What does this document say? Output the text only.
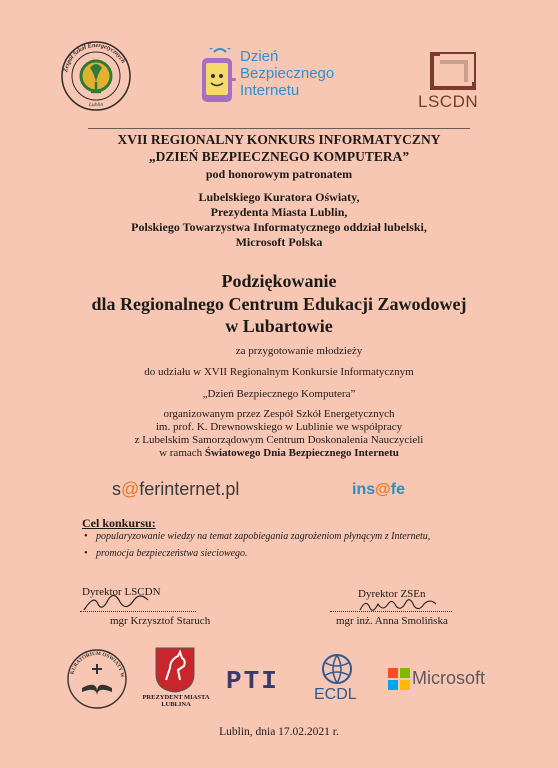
Zespół Szkół Energetycznych
Lublin
Dzień
Bezpiecznego
Internetu
LSCDN
XVII REGIONALNY KONKURS INFORMATYCZNY
„DZIEŃ BEZPIECZNEGO KOMPUTERA”
pod honorowym patronatem
Lubelskiego Kuratora Oświaty,
Prezydenta Miasta Lublin,
Polskiego Towarzystwa Informatycznego oddział lubelski,
Microsoft Polska
Podziękowanie
dla Regionalnego Centrum Edukacji Zawodowej
w Lubartowie
za przygotowanie młodzieży
do udziału w XVII Regionalnym Konkursie Informatycznym
„Dzień Bezpiecznego Komputera”
organizowanym przez Zespół Szkół Energetycznych
im. prof. K. Drewnowskiego w Lublinie we współpracy
z Lubelskim Samorządowym Centrum Doskonalenia Nauczycieli
w ramach Światowego Dnia Bezpiecznego Internetu
s@ferinternet.pl	ins@fe
Cel konkursu:
• popularyzowanie wiedzy na temat zapobiegania zagrożeniom płynącym z Internetu,
• promocja bezpieczeństwa sieciowego.
Dyrektor LSCDN
mgr Krzysztof Staruch
Dyrektor ZSEn
mgr inż. Anna Smolińska
KURATORIUM OŚWIATY W
PREZYDENT MIASTA LUBLINA
PTI ECDL
Microsoft
Lublin, dnia 17.02.2021 r.
